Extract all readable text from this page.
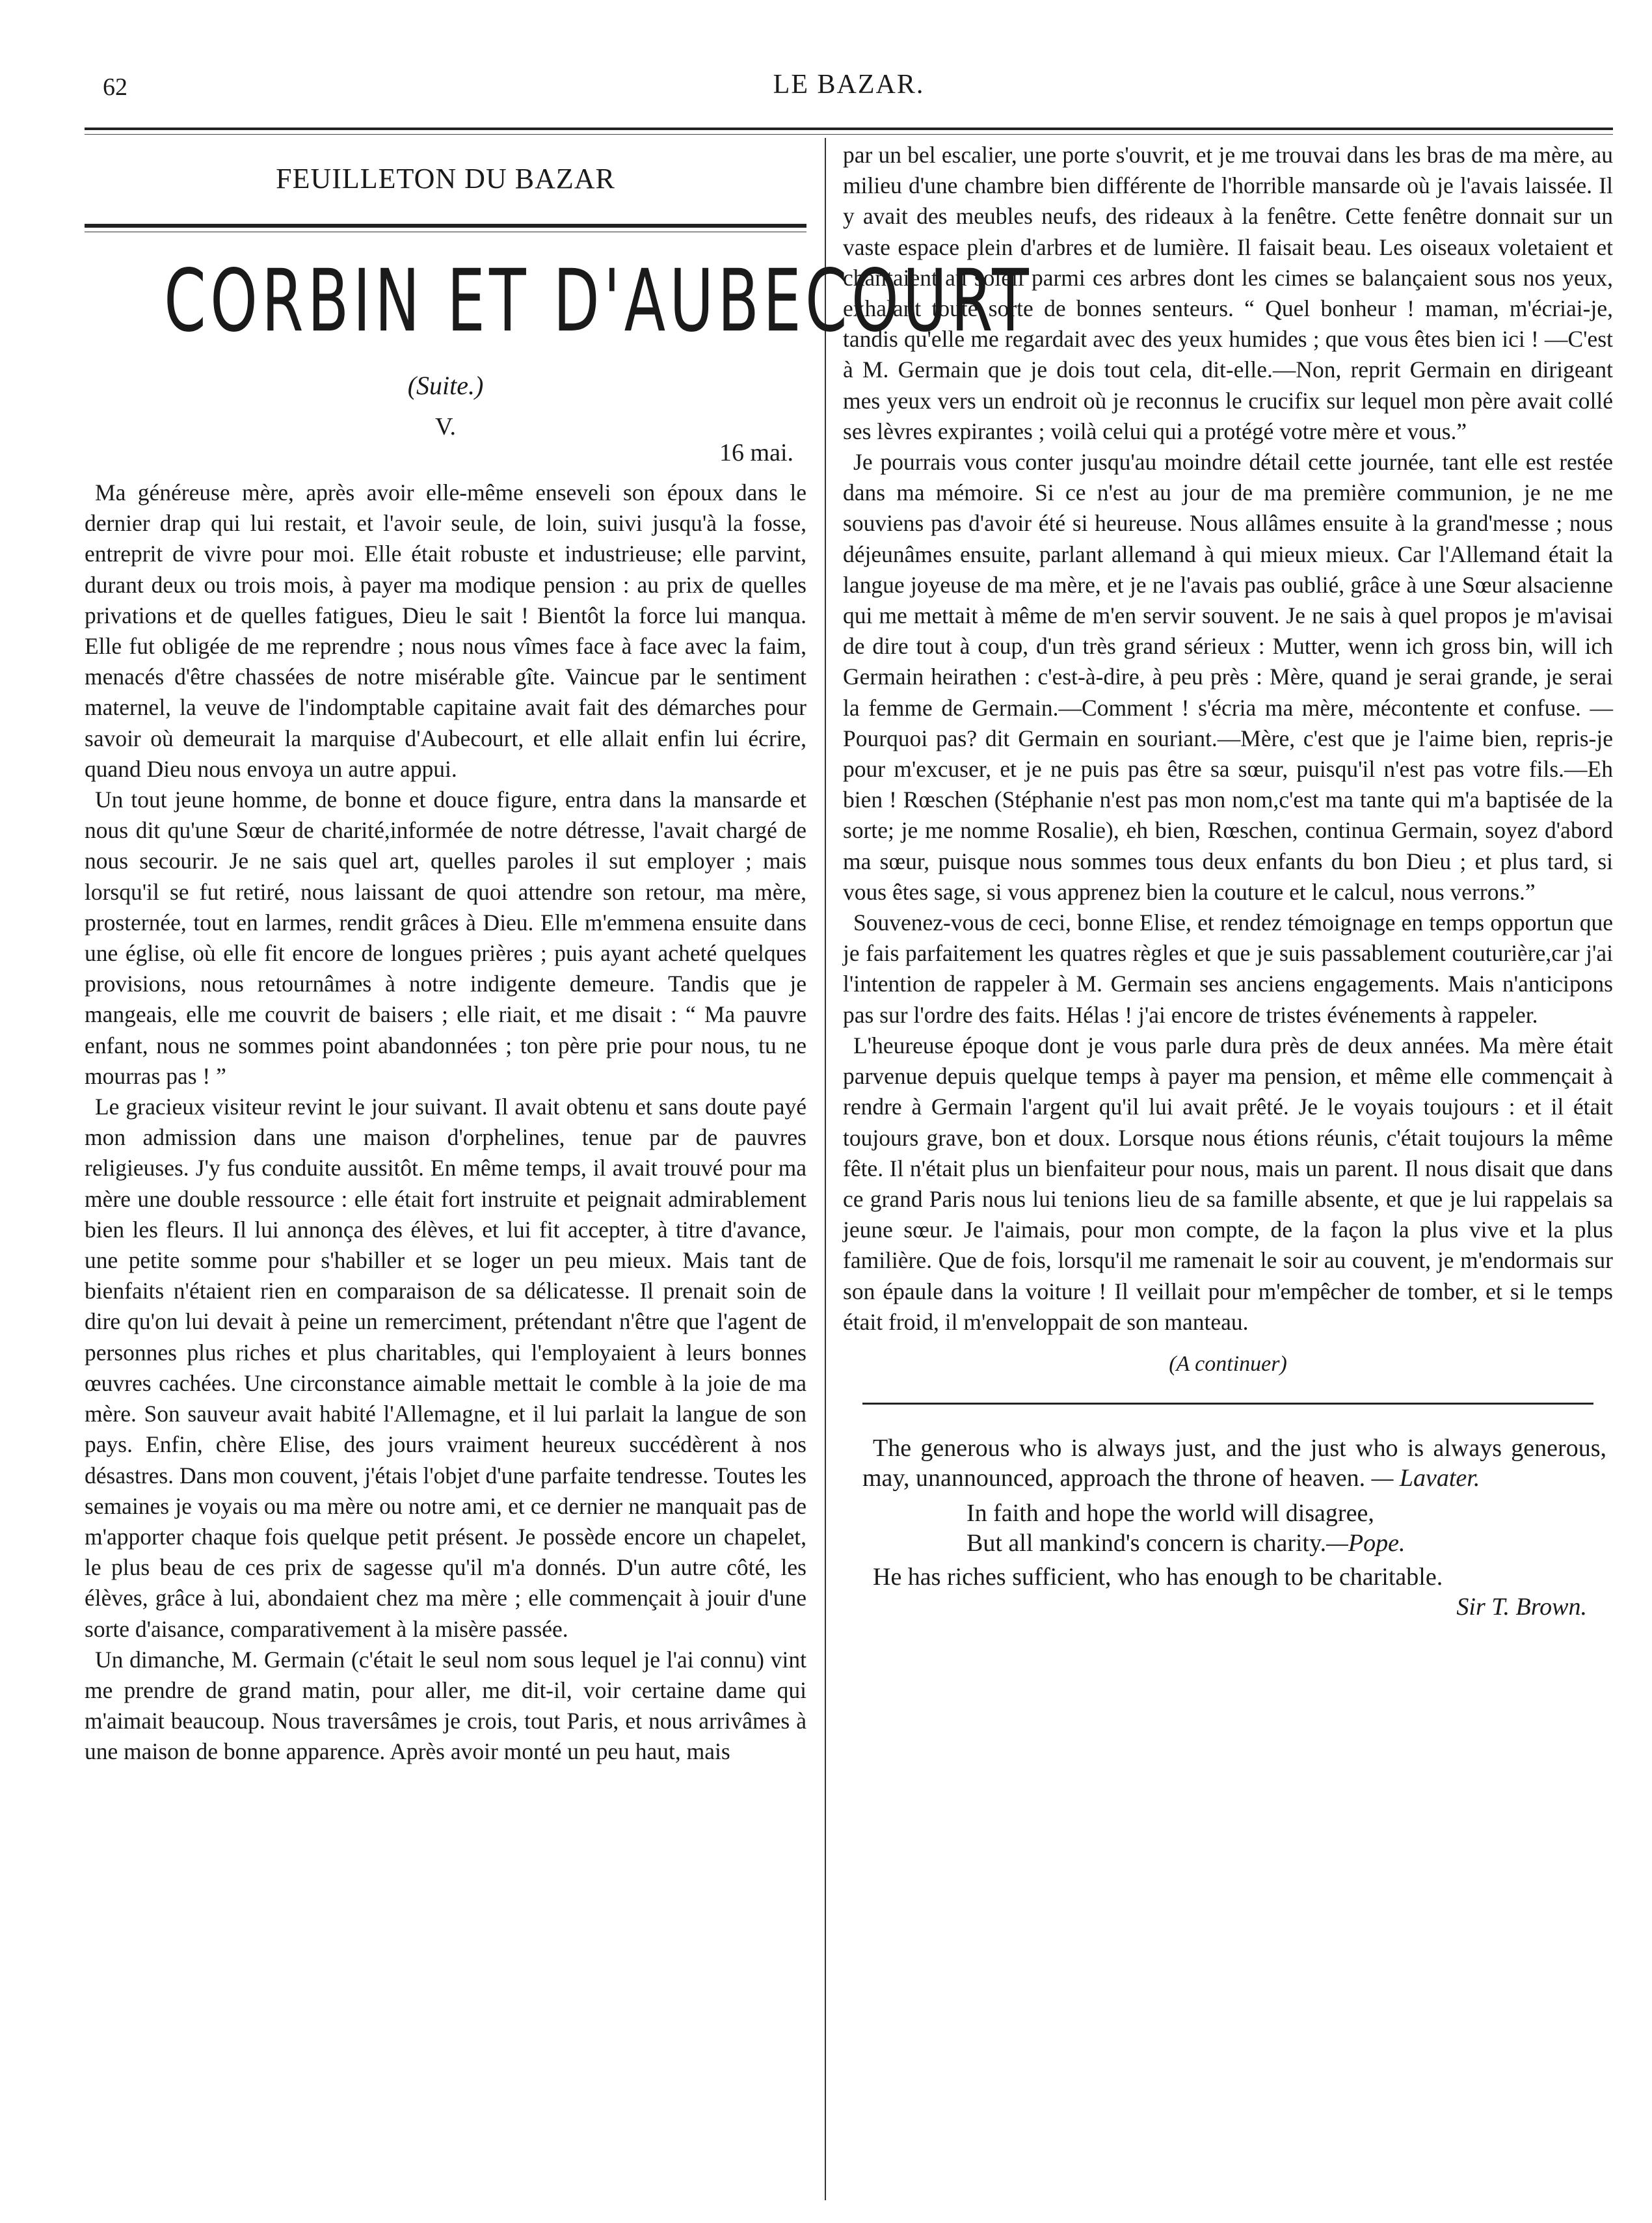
62	LE BAZAR.
FEUILLETON DU BAZAR
CORBIN ET D'AUBECOURT
(Suite.)
V.
16 mai.

Ma généreuse mère, après avoir elle-même enseveli son époux dans le dernier drap qui lui restait, et l'avoir seule, de loin, suivi jusqu'à la fosse, entreprit de vivre pour moi. Elle était robuste et industrieuse; elle parvint, durant deux ou trois mois, à payer ma modique pension : au prix de quelles privations et de quelles fatigues, Dieu le sait ! Bientôt la force lui manqua. Elle fut obligée de me reprendre ; nous nous vîmes face à face avec la faim, menacés d'être chassées de notre misérable gîte. Vaincue par le sentiment maternel, la veuve de l'indomptable capitaine avait fait des démarches pour savoir où demeurait la marquise d'Aubecourt, et elle allait enfin lui écrire, quand Dieu nous envoya un autre appui.

Un tout jeune homme, de bonne et douce figure, entra dans la mansarde et nous dit qu'une Sœur de charité,informée de notre détresse, l'avait chargé de nous secourir. Je ne sais quel art, quelles paroles il sut employer ; mais lorsqu'il se fut retiré, nous laissant de quoi attendre son retour, ma mère, prosternée, tout en larmes, rendit grâces à Dieu. Elle m'emmena ensuite dans une église, où elle fit encore de longues prières ; puis ayant acheté quelques provisions, nous retournâmes à notre indigente demeure. Tandis que je mangeais, elle me couvrit de baisers ; elle riait, et me disait : “ Ma pauvre enfant, nous ne sommes point abandonnées ; ton père prie pour nous, tu ne mourras pas ! ”

Le gracieux visiteur revint le jour suivant. Il avait obtenu et sans doute payé mon admission dans une maison d'orphelines, tenue par de pauvres religieuses. J'y fus conduite aussitôt. En même temps, il avait trouvé pour ma mère une double ressource : elle était fort instruite et peignait admirablement bien les fleurs. Il lui annonça des élèves, et lui fit accepter, à titre d'avance, une petite somme pour s'habiller et se loger un peu mieux. Mais tant de bienfaits n'étaient rien en comparaison de sa délicatesse. Il prenait soin de dire qu'on lui devait à peine un remerciment, prétendant n'être que l'agent de personnes plus riches et plus charitables, qui l'employaient à leurs bonnes œuvres cachées. Une circonstance aimable mettait le comble à la joie de ma mère. Son sauveur avait habité l'Allemagne, et il lui parlait la langue de son pays. Enfin, chère Elise, des jours vraiment heureux succédèrent à nos désastres. Dans mon couvent, j'étais l'objet d'une parfaite tendresse. Toutes les semaines je voyais ou ma mère ou notre ami, et ce dernier ne manquait pas de m'apporter chaque fois quelque petit présent. Je possède encore un chapelet, le plus beau de ces prix de sagesse qu'il m'a donnés. D'un autre côté, les élèves, grâce à lui, abondaient chez ma mère ; elle commençait à jouir d'une sorte d'aisance, comparativement à la misère passée.

Un dimanche, M. Germain (c'était le seul nom sous lequel je l'ai connu) vint me prendre de grand matin, pour aller, me dit-il, voir certaine dame qui m'aimait beaucoup. Nous traversâmes je crois, tout Paris, et nous arrivâmes à une maison de bonne apparence. Après avoir monté un peu haut, mais

par un bel escalier, une porte s'ouvrit, et je me trouvai dans les bras de ma mère, au milieu d'une chambre bien différente de l'horrible mansarde où je l'avais laissée. Il y avait des meubles neufs, des rideaux à la fenêtre. Cette fenêtre donnait sur un vaste espace plein d'arbres et de lumière. Il faisait beau. Les oiseaux voletaient et chantaient au soleil parmi ces arbres dont les cimes se balançaient sous nos yeux, exhalant toute sorte de bonnes senteurs. “ Quel bonheur ! maman, m'écriai-je, tandis qu'elle me regardait avec des yeux humides ; que vous êtes bien ici ! —C'est à M. Germain que je dois tout cela, dit-elle.—Non, reprit Germain en dirigeant mes yeux vers un endroit où je reconnus le crucifix sur lequel mon père avait collé ses lèvres expirantes ; voilà celui qui a protégé votre mère et vous.”

Je pourrais vous conter jusqu'au moindre détail cette journée, tant elle est restée dans ma mémoire. Si ce n'est au jour de ma première communion, je ne me souviens pas d'avoir été si heureuse. Nous allâmes ensuite à la grand'messe ; nous déjeunâmes ensuite, parlant allemand à qui mieux mieux. Car l'Allemand était la langue joyeuse de ma mère, et je ne l'avais pas oublié, grâce à une Sœur alsacienne qui me mettait à même de m'en servir souvent. Je ne sais à quel propos je m'avisai de dire tout à coup, d'un très grand sérieux : Mutter, wenn ich gross bin, will ich Germain heirathen : c'est-à-dire, à peu près : Mère, quand je serai grande, je serai la femme de Germain.—Comment ! s'écria ma mère, mécontente et confuse. —Pourquoi pas? dit Germain en souriant.—Mère, c'est que je l'aime bien, repris-je pour m'excuser, et je ne puis pas être sa sœur, puisqu'il n'est pas votre fils.—Eh bien ! Rœschen (Stéphanie n'est pas mon nom,c'est ma tante qui m'a baptisée de la sorte; je me nomme Rosalie), eh bien, Rœschen, continua Germain, soyez d'abord ma sœur, puisque nous sommes tous deux enfants du bon Dieu ; et plus tard, si vous êtes sage, si vous apprenez bien la couture et le calcul, nous verrons.”

Souvenez-vous de ceci, bonne Elise, et rendez témoignage en temps opportun que je fais parfaitement les quatres règles et que je suis passablement couturière,car j'ai l'intention de rappeler à M. Germain ses anciens engagements. Mais n'anticipons pas sur l'ordre des faits. Hélas ! j'ai encore de tristes événements à rappeler.

L'heureuse époque dont je vous parle dura près de deux années. Ma mère était parvenue depuis quelque temps à payer ma pension, et même elle commençait à rendre à Germain l'argent qu'il lui avait prêté. Je le voyais toujours : et il était toujours grave, bon et doux. Lorsque nous étions réunis, c'était toujours la même fête. Il n'était plus un bienfaiteur pour nous, mais un parent. Il nous disait que dans ce grand Paris nous lui tenions lieu de sa famille absente, et que je lui rappelais sa jeune sœur. Je l'aimais, pour mon compte, de la façon la plus vive et la plus familière. Que de fois, lorsqu'il me ramenait le soir au couvent, je m'endormais sur son épaule dans la voiture ! Il veillait pour m'empêcher de tomber, et si le temps était froid, il m'enveloppait de son manteau.

(A continuer)

The generous who is always just, and the just who is always generous, may, unannounced, approach the throne of heaven. — Lavater.

In faith and hope the world will disagree,
But all mankind's concern is charity.—Pope.

He has riches sufficient, who has enough to be charitable.

Sir T. Brown.
